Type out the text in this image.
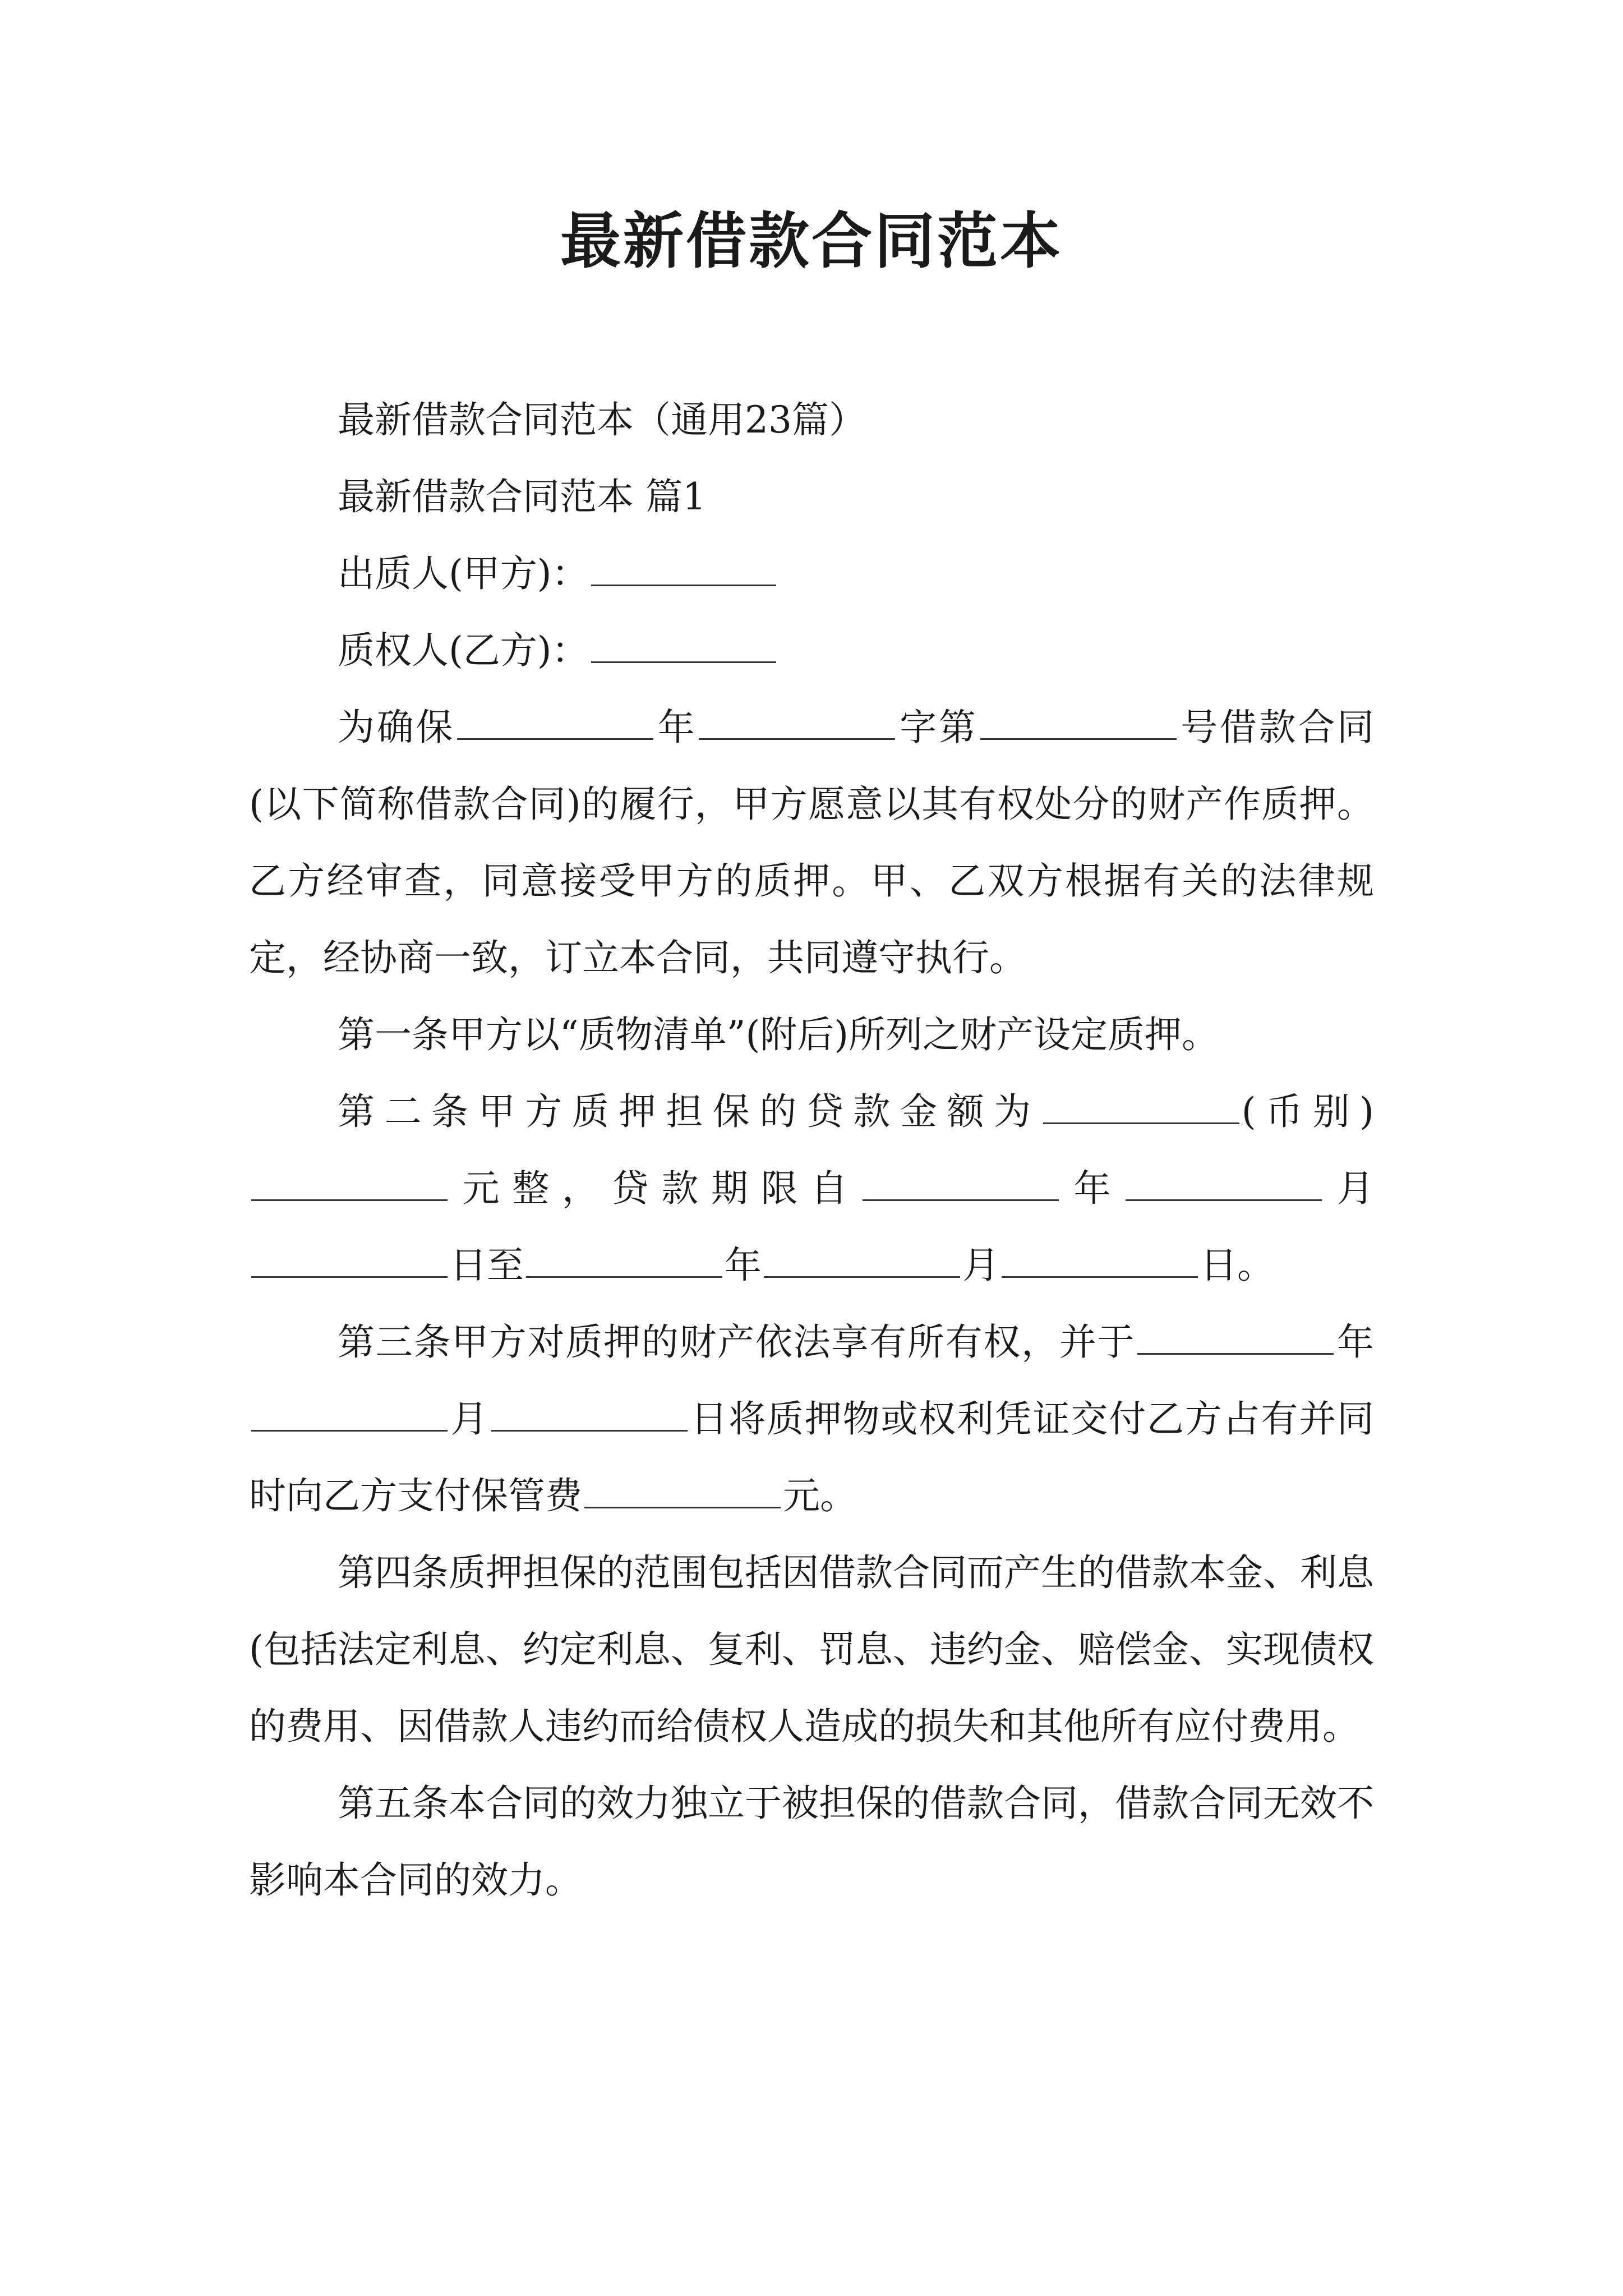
最新借款合同范本

最新借款合同范本（通用23篇）

最新借款合同范本 篇1

出质人(甲方)：

质权人(乙方)：

为确保	年	字第	号借款合同(以下简称借款合同)的履行，甲方愿意以其有权处分的财产作质押。乙方经审查，同意接受甲方的质押。甲、乙双方根据有关的法律规定，经协商一致，订立本合同，共同遵守执行。

第一条甲方以“质物清单”(附后)所列之财产设定质押。

第二条甲方质押担保的贷款金额为	(币别)元整，贷款期限自	年	月日至	年	月	日。

第三条甲方对质押的财产依法享有所有权，并于	年月	日将质押物或权利凭证交付乙方占有并同时向乙方支付保管费	元。

第四条质押担保的范围包括因借款合同而产生的借款本金、利息(包括法定利息、约定利息、复利、罚息、违约金、赔偿金、实现债权的费用、因借款人违约而给债权人造成的损失和其他所有应付费用。

第五条本合同的效力独立于被担保的借款合同，借款合同无效不影响本合同的效力。
